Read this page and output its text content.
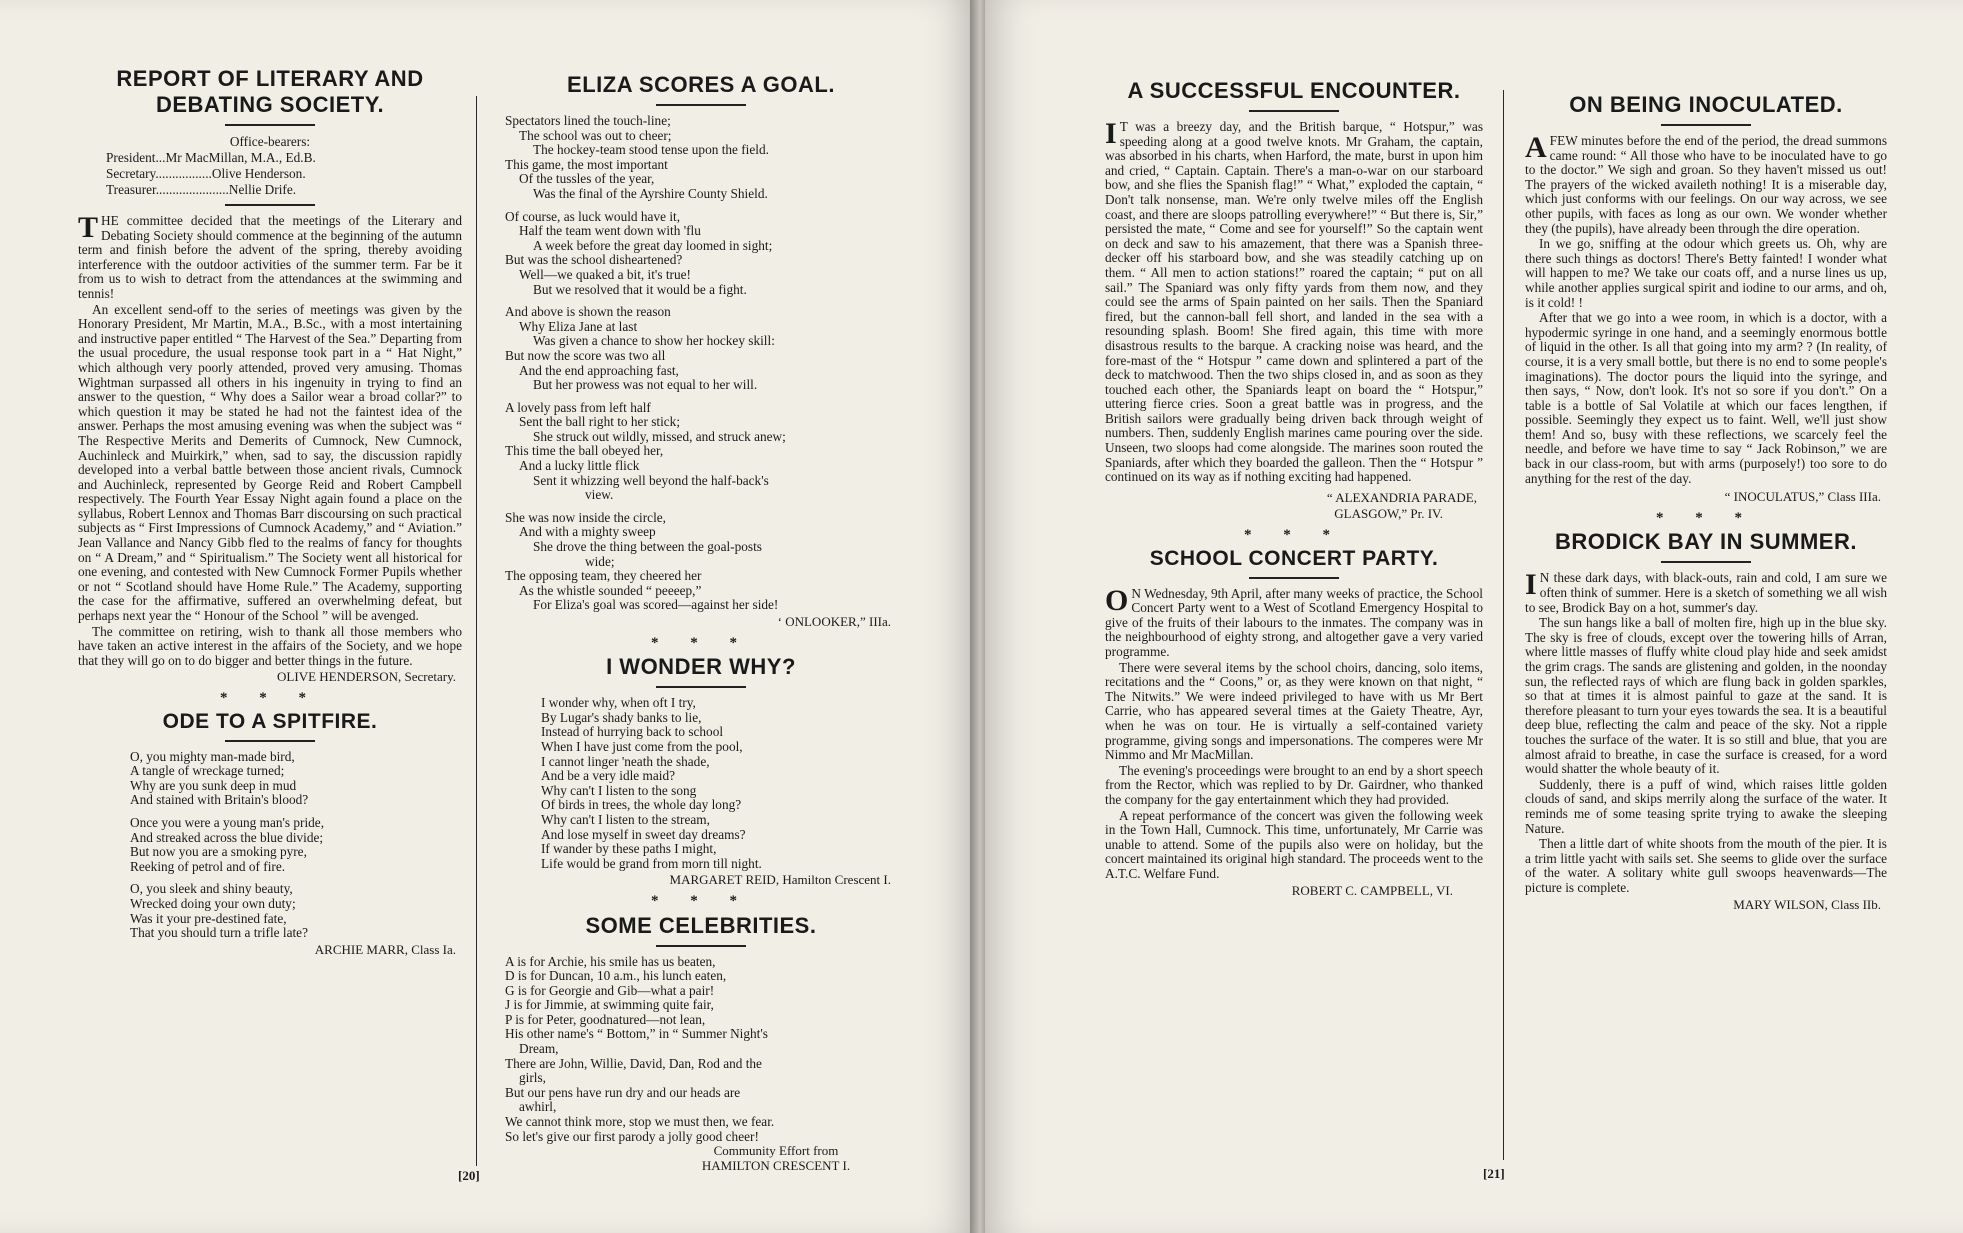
REPORT OF LITERARY AND
DEBATING SOCIETY.
Office-bearers:
President...Mr MacMillan, M.A., Ed.B.
Secretary.................Olive Henderson.
Treasurer......................Nellie Drife.

THE committee decided that the meetings of the Literary and Debating Society should commence at the beginning of the autumn term and finish before the advent of the spring, thereby avoiding interference with the outdoor activities of the summer term. Far be it from us to wish to detract from the attendances at the swimming and tennis!

An excellent send-off to the series of meetings was given by the Honorary President, Mr Martin, M.A., B.Sc., with a most intertaining and instructive paper entitled “ The Harvest of the Sea.” Departing from the usual procedure, the usual response took part in a “ Hat Night,” which although very poorly attended, proved very amusing. Thomas Wightman surpassed all others in his ingenuity in trying to find an answer to the question, “ Why does a Sailor wear a broad collar?” to which question it may be stated he had not the faintest idea of the answer. Perhaps the most amusing evening was when the subject was “ The Respective Merits and Demerits of Cumnock, New Cumnock, Auchinleck and Muirkirk,” when, sad to say, the discussion rapidly developed into a verbal battle between those ancient rivals, Cumnock and Auchinleck, represented by George Reid and Robert Campbell respectively. The Fourth Year Essay Night again found a place on the syllabus, Robert Lennox and Thomas Barr discoursing on such practical subjects as “ First Impressions of Cumnock Academy,” and “ Aviation.” Jean Vallance and Nancy Gibb fled to the realms of fancy for thoughts on “ A Dream,” and “ Spiritualism.” The Society went all historical for one evening, and contested with New Cumnock Former Pupils whether or not “ Scotland should have Home Rule.” The Academy, supporting the case for the affirmative, suffered an overwhelming defeat, but perhaps next year the “ Honour of the School ” will be avenged.

The committee on retiring, wish to thank all those members who have taken an active interest in the affairs of the Society, and we hope that they will go on to do bigger and better things in the future.

OLIVE HENDERSON, Secretary.
* * *
ODE TO A SPITFIRE.
O, you mighty man-made bird,
A tangle of wreckage turned;
Why are you sunk deep in mud
And stained with Britain's blood?
Once you were a young man's pride,
And streaked across the blue divide;
But now you are a smoking pyre,
Reeking of petrol and of fire.
O, you sleek and shiny beauty,
Wrecked doing your own duty;
Was it your pre-destined fate,
That you should turn a trifle late?
ARCHIE MARR, Class Ia.
ELIZA SCORES A GOAL.
Spectators lined the touch-line;
The school was out to cheer;
The hockey-team stood tense upon the field.
This game, the most important
Of the tussles of the year,
Was the final of the Ayrshire County Shield.
Of course, as luck would have it,
Half the team went down with 'flu
A week before the great day loomed in sight;
But was the school disheartened?
Well—we quaked a bit, it's true!
But we resolved that it would be a fight.
And above is shown the reason
Why Eliza Jane at last
Was given a chance to show her hockey skill:
But now the score was two all
And the end approaching fast,
But her prowess was not equal to her will.
A lovely pass from left half
Sent the ball right to her stick;
She struck out wildly, missed, and struck anew;
This time the ball obeyed her,
And a lucky little flick
Sent it whizzing well beyond the half-back's
view.
She was now inside the circle,
And with a mighty sweep
She drove the thing between the goal-posts
wide;
The opposing team, they cheered her
As the whistle sounded “ peeeep,”
For Eliza's goal was scored—against her side!
‘ ONLOOKER,” IIIa.
* * *
I WONDER WHY?
I wonder why, when oft I try,
By Lugar's shady banks to lie,
Instead of hurrying back to school
When I have just come from the pool,
I cannot linger 'neath the shade,
And be a very idle maid?
Why can't I listen to the song
Of birds in trees, the whole day long?
Why can't I listen to the stream,
And lose myself in sweet day dreams?
If wander by these paths I might,
Life would be grand from morn till night.
MARGARET REID, Hamilton Crescent I.
* * *
SOME CELEBRITIES.
A is for Archie, his smile has us beaten,
D is for Duncan, 10 a.m., his lunch eaten,
G is for Georgie and Gib—what a pair!
J is for Jimmie, at swimming quite fair,
P is for Peter, goodnatured—not lean,
His other name's “ Bottom,” in “ Summer Night's
Dream,
There are John, Willie, David, Dan, Rod and the
girls,
But our pens have run dry and our heads are
awhirl,
We cannot think more, stop we must then, we fear.
So let's give our first parody a jolly good cheer!
Community Effort from
HAMILTON CRESCENT I.
[20]
A SUCCESSFUL ENCOUNTER.

I T was a breezy day, and the British barque, “ Hotspur,” was speeding along at a good twelve knots. Mr Graham, the captain, was absorbed in his charts, when Harford, the mate, burst in upon him and cried, “ Captain. Captain. There's a man-o-war on our starboard bow, and she flies the Spanish flag!” “ What,” exploded the captain, “ Don't talk nonsense, man. We're only twelve miles off the English coast, and there are sloops patrolling everywhere!” “ But there is, Sir,” persisted the mate, “ Come and see for yourself!” So the captain went on deck and saw to his amazement, that there was a Spanish three-decker off his starboard bow, and she was steadily catching up on them. “ All men to action stations!” roared the captain; “ put on all sail.” The Spaniard was only fifty yards from them now, and they could see the arms of Spain painted on her sails. Then the Spaniard fired, but the cannon-ball fell short, and landed in the sea with a resounding splash. Boom! She fired again, this time with more disastrous results to the barque. A cracking noise was heard, and the fore-mast of the “ Hotspur ” came down and splintered a part of the deck to matchwood. Then the two ships closed in, and as soon as they touched each other, the Spaniards leapt on board the “ Hotspur,” uttering fierce cries. Soon a great battle was in progress, and the British sailors were gradually being driven back through weight of numbers. Then, suddenly English marines came pouring over the side. Unseen, two sloops had come alongside. The marines soon routed the Spaniards, after which they boarded the galleon. Then the “ Hotspur ” continued on its way as if nothing exciting had happened.

“ ALEXANDRIA PARADE,
GLASGOW,” Pr. IV.
* * *
SCHOOL CONCERT PARTY.

O N Wednesday, 9th April, after many weeks of practice, the School Concert Party went to a West of Scotland Emergency Hospital to give of the fruits of their labours to the inmates. The company was in the neighbourhood of eighty strong, and altogether gave a very varied programme.

There were several items by the school choirs, dancing, solo items, recitations and the “ Coons,” or, as they were known on that night, “ The Nitwits.” We were indeed privileged to have with us Mr Bert Carrie, who has appeared several times at the Gaiety Theatre, Ayr, when he was on tour. He is virtually a self-contained variety programme, giving songs and impersonations. The comperes were Mr Nimmo and Mr MacMillan.

The evening's proceedings were brought to an end by a short speech from the Rector, which was replied to by Dr. Gairdner, who thanked the company for the gay entertainment which they had provided.

A repeat performance of the concert was given the following week in the Town Hall, Cumnock. This time, unfortunately, Mr Carrie was unable to attend. Some of the pupils also were on holiday, but the concert maintained its original high standard. The proceeds went to the A.T.C. Welfare Fund.

ROBERT C. CAMPBELL, VI.
ON BEING INOCULATED.

AFEW minutes before the end of the period, the dread summons came round: “ All those who have to be inoculated have to go to the doctor.” We sigh and groan. So they haven't missed us out! The prayers of the wicked availeth nothing! It is a miserable day, which just conforms with our feelings. On our way across, we see other pupils, with faces as long as our own. We wonder whether they (the pupils), have already been through the dire operation.

In we go, sniffing at the odour which greets us. Oh, why are there such things as doctors! There's Betty fainted! I wonder what will happen to me? We take our coats off, and a nurse lines us up, while another applies surgical spirit and iodine to our arms, and oh, is it cold! !

After that we go into a wee room, in which is a doctor, with a hypodermic syringe in one hand, and a seemingly enormous bottle of liquid in the other. Is all that going into my arm? ? (In reality, of course, it is a very small bottle, but there is no end to some people's imaginations). The doctor pours the liquid into the syringe, and then says, “ Now, don't look. It's not so sore if you don't.” On a table is a bottle of Sal Volatile at which our faces lengthen, if possible. Seemingly they expect us to faint. Well, we'll just show them! And so, busy with these reflections, we scarcely feel the needle, and before we have time to say “ Jack Robinson,” we are back in our class-room, but with arms (purposely!) too sore to do anything for the rest of the day.

“ INOCULATUS,” Class IIIa.
* * *
BRODICK BAY IN SUMMER.

I N these dark days, with black-outs, rain and cold, I am sure we often think of summer. Here is a sketch of something we all wish to see, Brodick Bay on a hot, summer's day.

The sun hangs like a ball of molten fire, high up in the blue sky. The sky is free of clouds, except over the towering hills of Arran, where little masses of fluffy white cloud play hide and seek amidst the grim crags. The sands are glistening and golden, in the noonday sun, the reflected rays of which are flung back in golden sparkles, so that at times it is almost painful to gaze at the sand. It is therefore pleasant to turn your eyes towards the sea. It is a beautiful deep blue, reflecting the calm and peace of the sky. Not a ripple touches the surface of the water. It is so still and blue, that you are almost afraid to breathe, in case the surface is creased, for a word would shatter the whole beauty of it.

Suddenly, there is a puff of wind, which raises little golden clouds of sand, and skips merrily along the surface of the water. It reminds me of some teasing sprite trying to awake the sleeping Nature.

Then a little dart of white shoots from the mouth of the pier. It is a trim little yacht with sails set. She seems to glide over the surface of the water. A solitary white gull swoops heavenwards—The picture is complete.

MARY WILSON, Class IIb.
[21]
